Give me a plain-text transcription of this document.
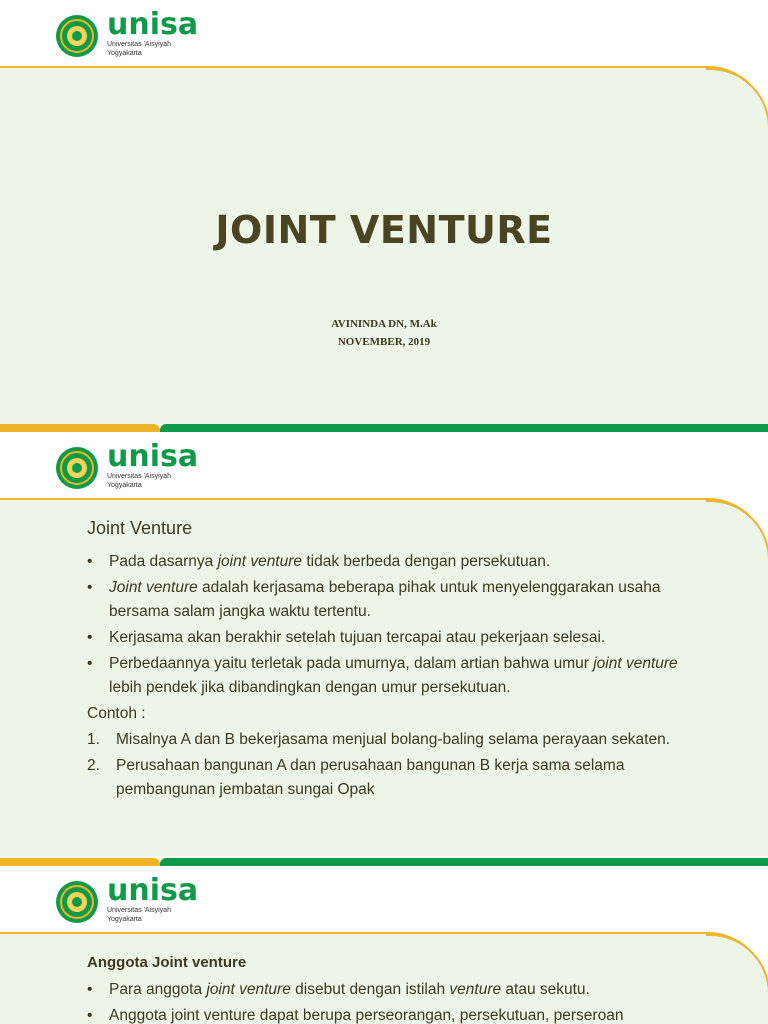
unisa
Universitas 'Aisyiyah
Yogyakarta
JOINT VENTURE
AVININDA DN, M.Ak
NOVEMBER, 2019
unisa
Universitas 'Aisyiyah
Yogyakarta
Joint Venture
• Pada dasarnya joint venture tidak berbeda dengan persekutuan.
• Joint venture adalah kerjasama beberapa pihak untuk menyelenggarakan usaha bersama salam jangka waktu tertentu.
• Kerjasama akan berakhir setelah tujuan tercapai atau pekerjaan selesai.
• Perbedaannya yaitu terletak pada umurnya, dalam artian bahwa umur joint venture lebih pendek jika dibandingkan dengan umur persekutuan.
Contoh :
1. Misalnya A dan B bekerjasama menjual bolang-baling selama perayaan sekaten.
2. Perusahaan bangunan A dan perusahaan bangunan B kerja sama selama pembangunan jembatan sungai Opak
unisa
Universitas 'Aisyiyah
Yogyakarta
Anggota Joint venture
• Para anggota joint venture disebut dengan istilah venture atau sekutu.
• Anggota joint venture dapat berupa perseorangan, persekutuan, perseroan
